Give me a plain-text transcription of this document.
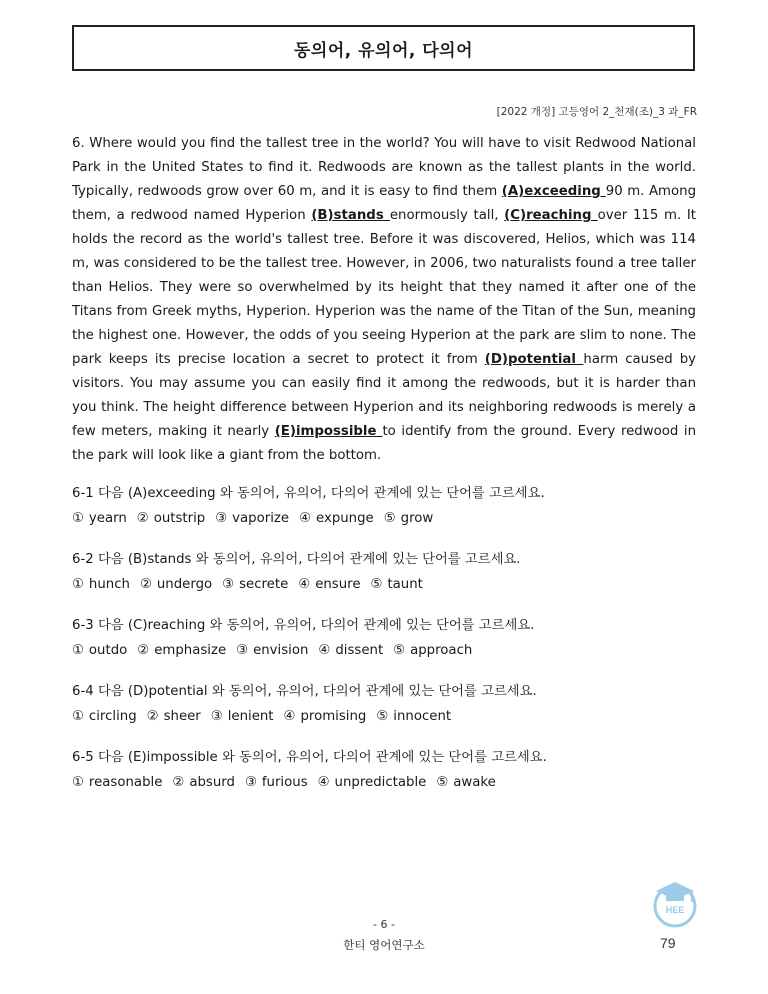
동의어, 유의어, 다의어
[2022 개정] 고등영어 2_천재(조)_3 과_FR

6. Where would you find the tallest tree in the world? You will have to visit Redwood National Park in the United States to find it. Redwoods are known as the tallest plants in the world. Typically, redwoods grow over 60 m, and it is easy to find them (A)exceeding 90 m. Among them, a redwood named Hyperion (B)stands enormously tall, (C)reaching over 115 m. It holds the record as the world's tallest tree. Before it was discovered, Helios, which was 114 m, was considered to be the tallest tree. However, in 2006, two naturalists found a tree taller than Helios. They were so overwhelmed by its height that they named it after one of the Titans from Greek myths, Hyperion. Hyperion was the name of the Titan of the Sun, meaning the highest one. However, the odds of you seeing Hyperion at the park are slim to none. The park keeps its precise location a secret to protect it from (D)potential harm caused by visitors. You may assume you can easily find it among the redwoods, but it is harder than you think. The height difference between Hyperion and its neighboring redwoods is merely a few meters, making it nearly (E)impossible to identify from the ground. Every redwood in the park will look like a giant from the bottom.

6-1 다음 (A)exceeding 와 동의어, 유의어, 다의어 관계에 있는 단어를 고르세요.
① yearn ② outstrip ③ vaporize ④ expunge ⑤ grow
6-2 다음 (B)stands 와 동의어, 유의어, 다의어 관계에 있는 단어를 고르세요.
① hunch ② undergo ③ secrete ④ ensure ⑤ taunt
6-3 다음 (C)reaching 와 동의어, 유의어, 다의어 관계에 있는 단어를 고르세요.
① outdo ② emphasize ③ envision ④ dissent ⑤ approach
6-4 다음 (D)potential 와 동의어, 유의어, 다의어 관계에 있는 단어를 고르세요.
① circling ② sheer ③ lenient ④ promising ⑤ innocent
6-5 다음 (E)impossible 와 동의어, 유의어, 다의어 관계에 있는 단어를 고르세요.
① reasonable ② absurd ③ furious ④ unpredictable ⑤ awake
HEE
- 6 -
한티 영어연구소	79
